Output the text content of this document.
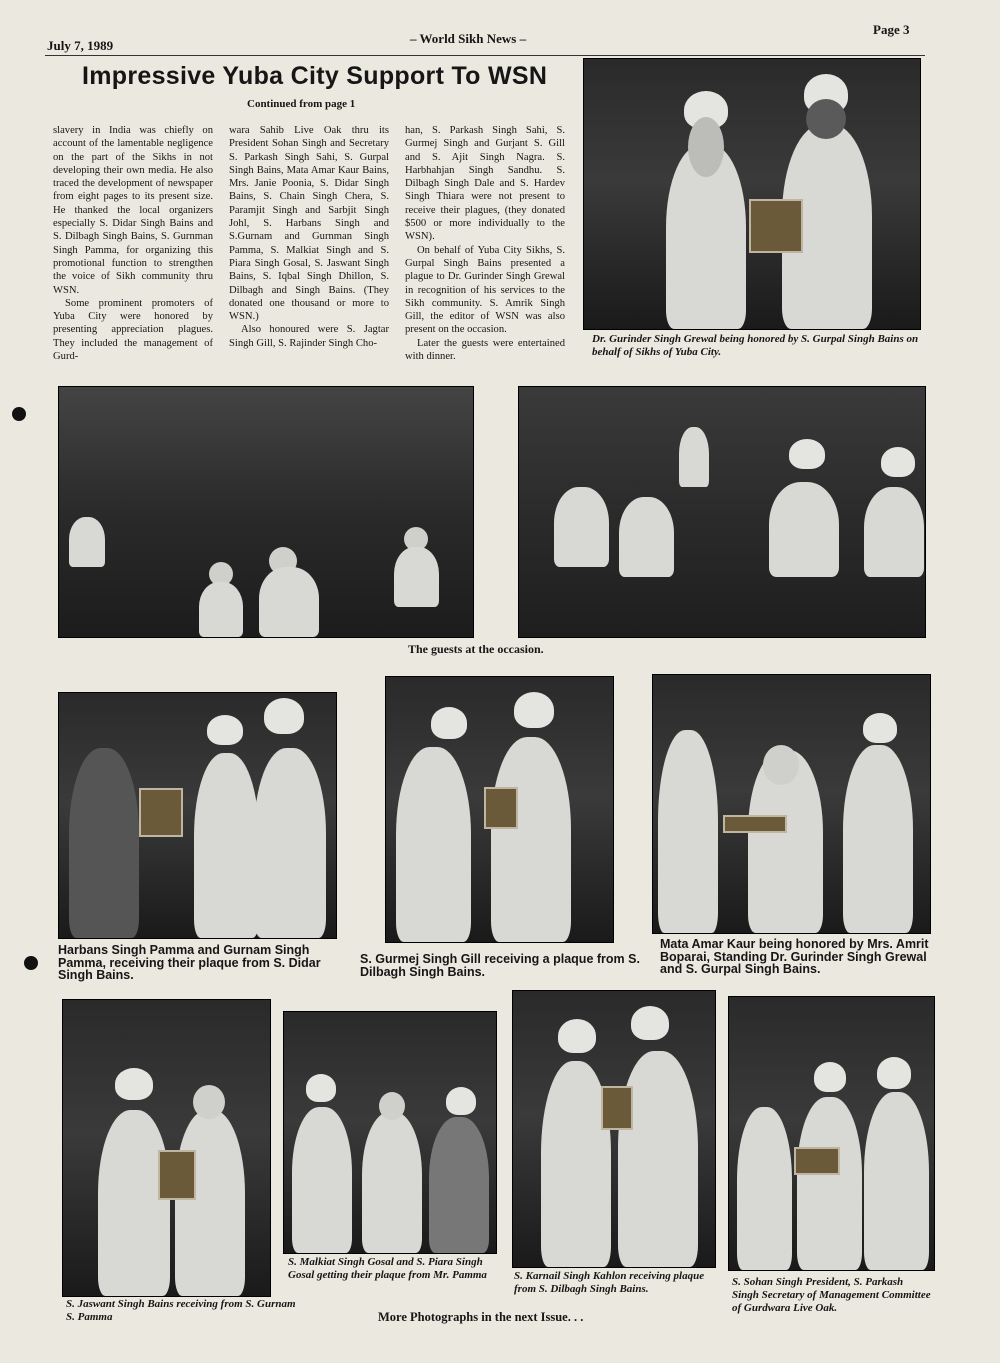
July 7, 1989	– World Sikh News –
Page 3
Impressive Yuba City Support To WSN
Continued from page 1

slavery in India was chiefly on account of the lamentable negligence on the part of the Sikhs in not developing their own media. He also traced the development of newspaper from eight pages to its present size. He thanked the local organizers especially S. Didar Singh Bains and S. Dilbagh Singh Bains, S. Gurnman Singh Pamma, for organizing this promotional function to strengthen the voice of Sikh community thru WSN.

Some prominent promoters of Yuba City were honored by presenting appreciation plagues. They included the management of Gurd-

wara Sahib Live Oak thru its President Sohan Singh and Secretary S. Parkash Singh Sahi, S. Gurpal Singh Bains, Mata Amar Kaur Bains, Mrs. Janie Poonia, S. Didar Singh Bains, S. Chain Singh Chera, S. Paramjit Singh and Sarbjit Singh Johl, S. Harbans Singh and S.Gurnam and Gurnman Singh Pamma, S. Malkiat Singh and S. Piara Singh Gosal, S. Jaswant Singh Bains, S. Iqbal Singh Dhillon, S. Dilbagh and Singh Bains. (They donated one thousand or more to WSN.)

Also honoured were S. Jagtar Singh Gill, S. Rajinder Singh Cho-

han, S. Parkash Singh Sahi, S. Gurmej Singh and Gurjant S. Gill and S. Ajit Singh Nagra. S. Harbhahjan Singh Sandhu. S. Dilbagh Singh Dale and S. Hardev Singh Thiara were not present to receive their plagues, (they donated $500 or more individually to the WSN).

On behalf of Yuba City Sikhs, S. Gurpal Singh Bains presented a plague to Dr. Gurinder Singh Grewal in recognition of his services to the Sikh community. S. Amrik Singh Gill, the editor of WSN was also present on the occasion.

Later the guests were entertained with dinner.

Dr. Gurinder Singh Grewal being honored by S. Gurpal Singh Bains on behalf of Sikhs of Yuba City.
The guests at the occasion.
Harbans Singh Pamma and Gurnam Singh Pamma, receiving their plaque from S. Didar Singh Bains.
S. Gurmej Singh Gill receiving a plaque from S. Dilbagh Singh Bains.
Mata Amar Kaur being honored by Mrs. Amrit Boparai, Standing Dr. Gurinder Singh Grewal and S. Gurpal Singh Bains.
S. Jaswant Singh Bains receiving from S. Gurnam S. Pamma
S. Malkiat Singh Gosal and S. Piara Singh Gosal getting their plaque from Mr. Pamma	S. Karnail Singh Kahlon receiving plaque from S. Dilbagh Singh Bains.
S. Sohan Singh President, S. Parkash Singh Secretary of Management Committee of Gurdwara Live Oak.
More Photographs in the next Issue. . .
